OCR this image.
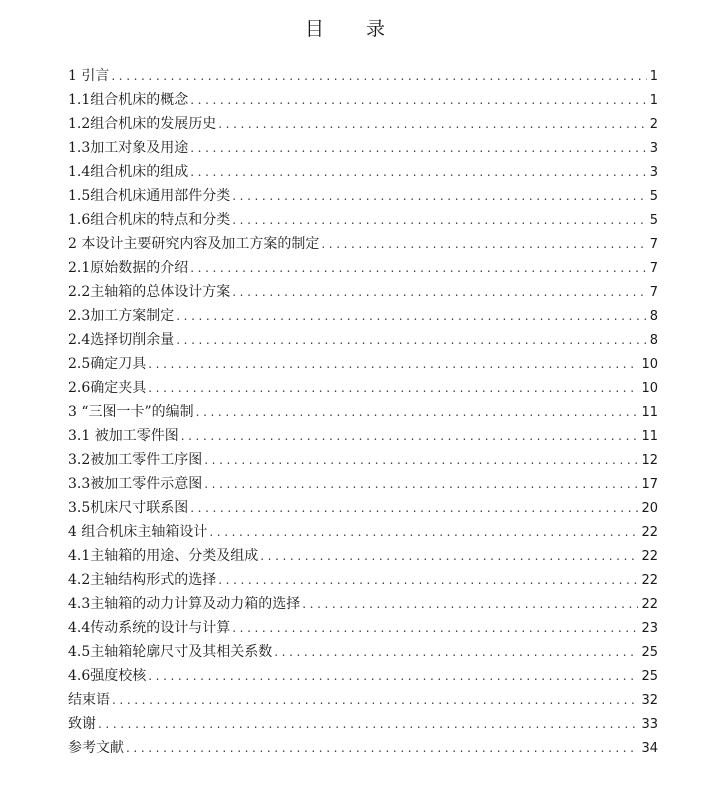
目 录
1 引言 .....	1
1.1组合机床的概念 .....	1
1.2组合机床的发展历史 .....	2
1.3加工对象及用途 .....	3
1.4组合机床的组成 .....	3
1.5组合机床通用部件分类 .....	5
1.6组合机床的特点和分类 .....	5
2 本设计主要研究内容及加工方案的制定 .....	7
2.1原始数据的介绍 .....	7
2.2主轴箱的总体设计方案 .....	7
2.3加工方案制定 .....	8
2.4选择切削余量 .....	8
2.5确定刀具 .....	10
2.6确定夹具 .....	10
3 “三图一卡”的编制 .....	11
3.1 被加工零件图 .....	11
3.2被加工零件工序图 .....	12
3.3被加工零件示意图 .....	17
3.5机床尺寸联系图 .....	20
4 组合机床主轴箱设计 .....	22
4.1主轴箱的用途、分类及组成 .....	22
4.2主轴结构形式的选择 .....	22
4.3主轴箱的动力计算及动力箱的选择 .....	22
4.4传动系统的设计与计算 .....	23
4.5主轴箱轮廓尺寸及其相关系数 .....	25
4.6强度校核 .....	25
结束语 .....	32
致谢 .....	33
参考文献 .....	34
